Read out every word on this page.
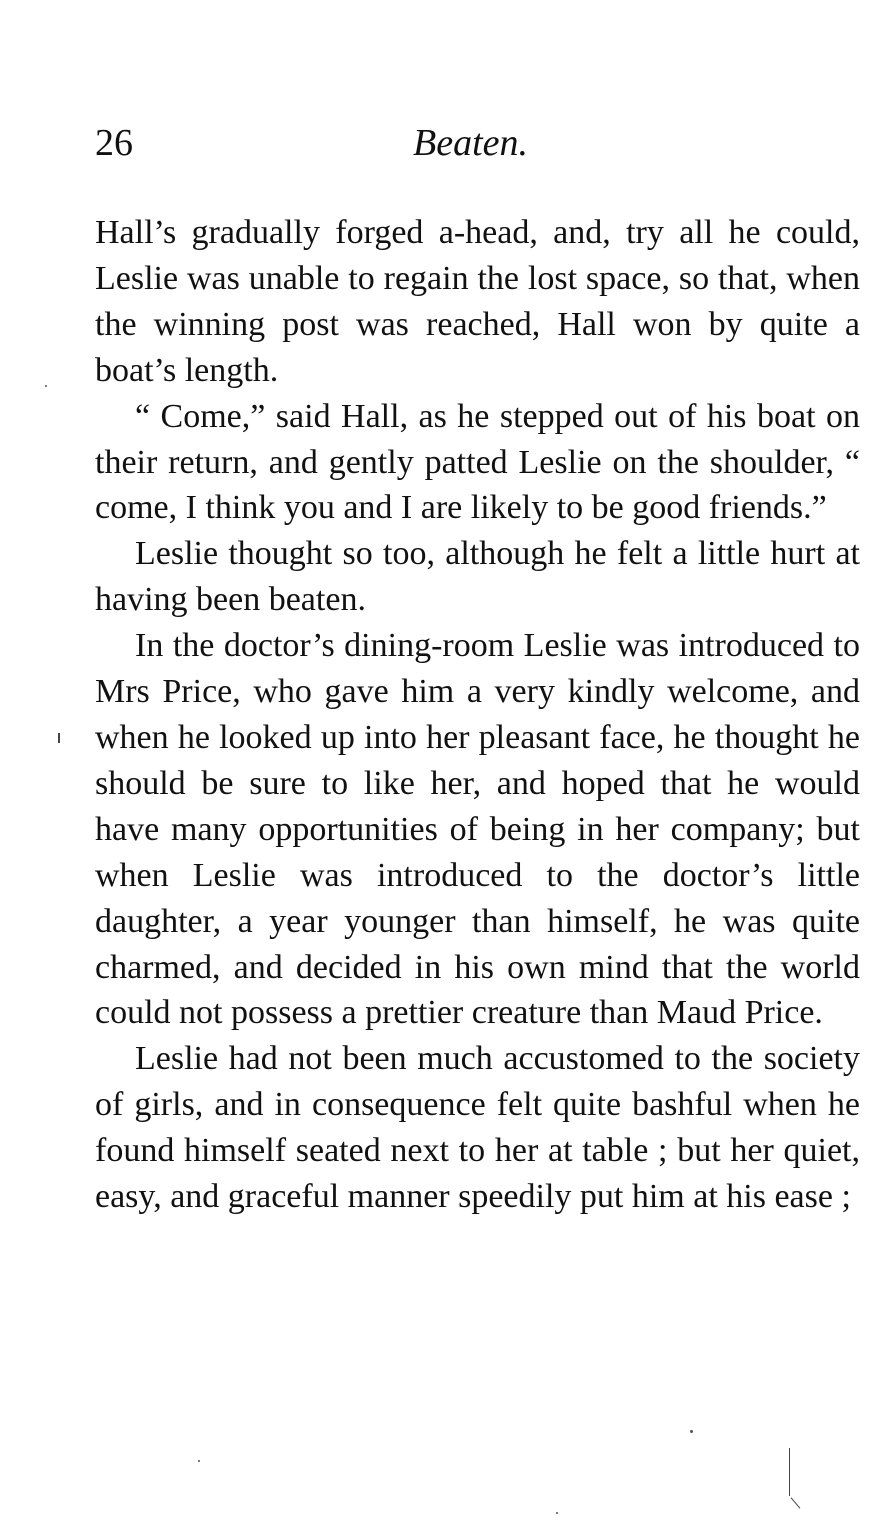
26	Beaten.

Hall’s gradually forged a-head, and, try all he could, Leslie was unable to regain the lost space, so that, when the winning post was reached, Hall won by quite a boat’s length.

“ Come,” said Hall, as he stepped out of his boat on their return, and gently patted Leslie on the shoulder, “ come, I think you and I are likely to be good friends.”

Leslie thought so too, although he felt a little hurt at having been beaten.

In the doctor’s dining-room Leslie was introduced to Mrs Price, who gave him a very kindly welcome, and when he looked up into her pleasant face, he thought he should be sure to like her, and hoped that he would have many opportunities of being in her company; but when Leslie was introduced to the doctor’s little daughter, a year younger than himself, he was quite charmed, and decided in his own mind that the world could not possess a prettier creature than Maud Price.

Leslie had not been much accustomed to the society of girls, and in consequence felt quite bashful when he found himself seated next to her at table ; but her quiet, easy, and graceful manner speedily put him at his ease ;
